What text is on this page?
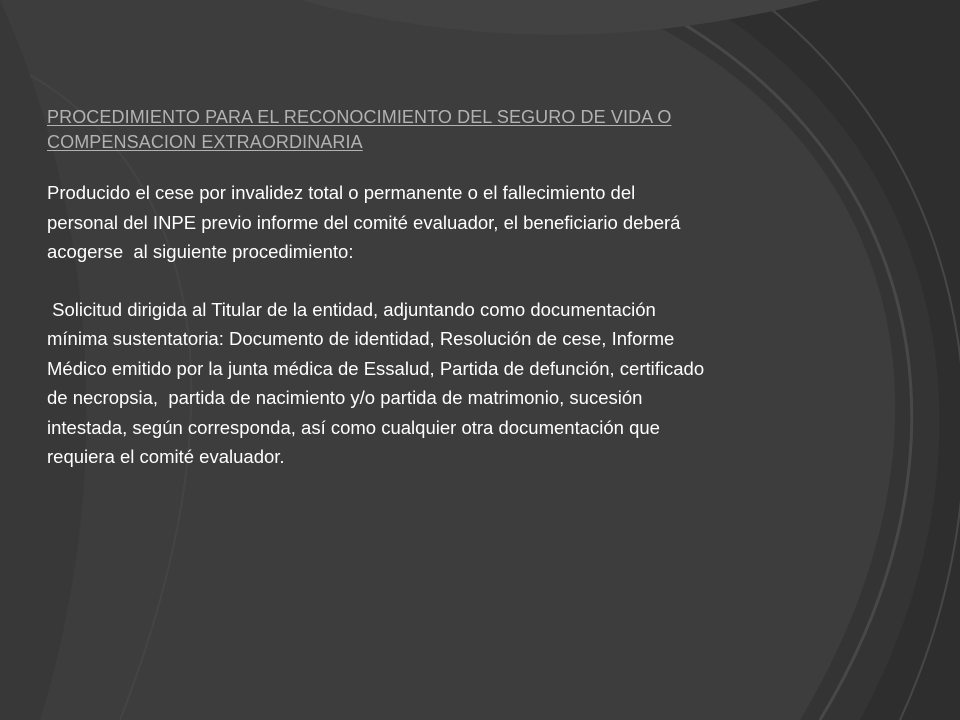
PROCEDIMIENTO PARA EL RECONOCIMIENTO DEL SEGURO DE VIDA O
COMPENSACION EXTRAORDINARIA

Producido el cese por invalidez total o permanente o el fallecimiento del
personal del INPE previo informe del comité evaluador, el beneficiario deberá
acogerse  al siguiente procedimiento:

Solicitud dirigida al Titular de la entidad, adjuntando como documentación
mínima sustentatoria: Documento de identidad, Resolución de cese, Informe
Médico emitido por la junta médica de Essalud, Partida de defunción, certificado
de necropsia,  partida de nacimiento y/o partida de matrimonio, sucesión
intestada, según corresponda, así como cualquier otra documentación que
requiera el comité evaluador.
